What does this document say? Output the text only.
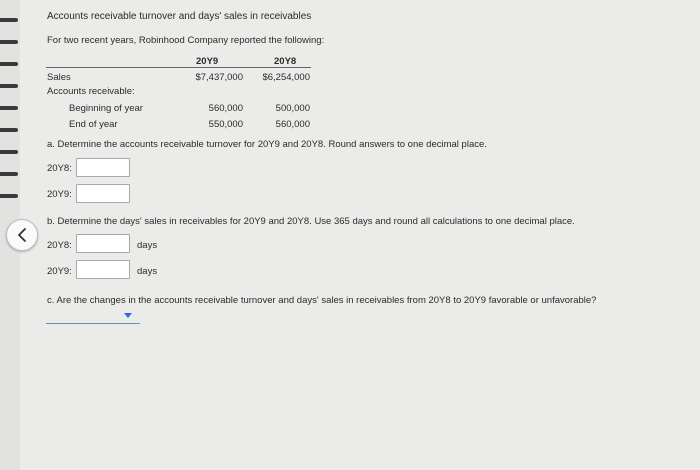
Accounts receivable turnover and days' sales in receivables
For two recent years, Robinhood Company reported the following:
20Y9	20Y8
Sales	$7,437,000	$6,254,000
Accounts receivable:
Beginning of year	560,000	500,000
End of year	550,000	560,000
a. Determine the accounts receivable turnover for 20Y9 and 20Y8. Round answers to one decimal place.
20Y8:
20Y9:
b. Determine the days' sales in receivables for 20Y9 and 20Y8. Use 365 days and round all calculations to one decimal place.
20Y8:	days
20Y9:	days
c. Are the changes in the accounts receivable turnover and days' sales in receivables from 20Y8 to 20Y9 favorable or unfavorable?
